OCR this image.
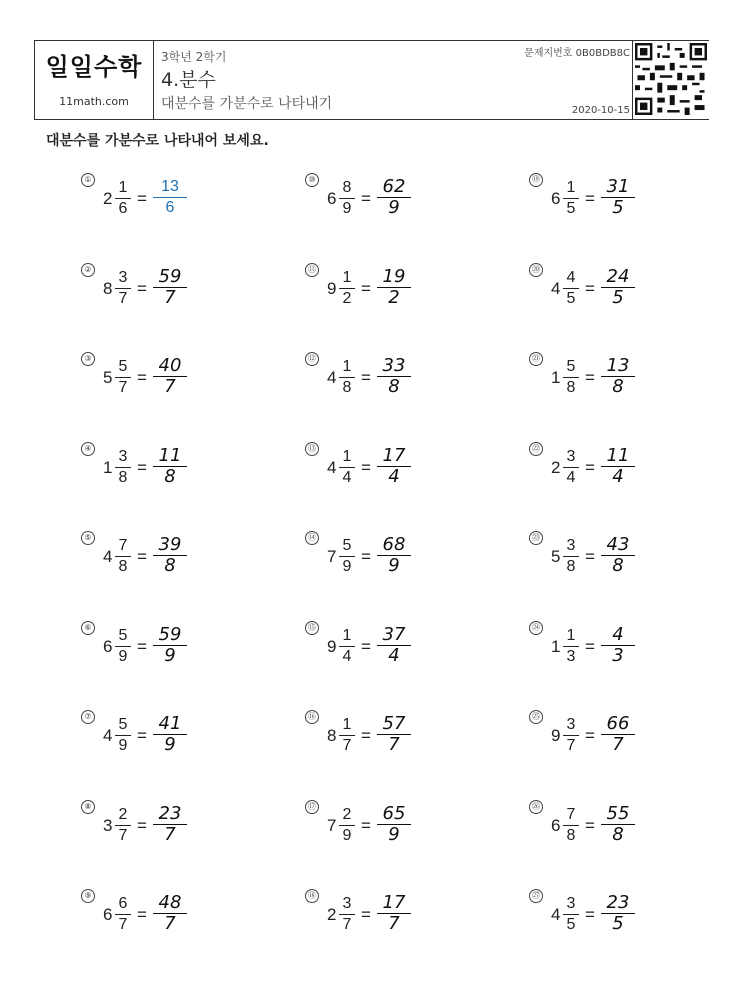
일일수학
11math.com
3학년 2학기
4.분수
대분수를 가분수로 나타내기
문제지번호 0B0BDB8C
2020-10-15
대분수를 가분수로 나타내어 보세요.
①
2
1
6
=
13
6
②
8
3
7
=
59
7
③
5
5
7
=
40
7
④
1
3
8
=
11
8
⑤
4
7
8
=
39
8
⑥
6
5
9
=
59
9
⑦
4
5
9
=
41
9
⑧
3
2
7
=
23
7
⑨
6
6
7
=
48
7
⑩
6
8
9
=
62
9
⑪
9
1
2
=
19
2
⑫
4
1
8
=
33
8
⑬
4
1
4
=
17
4
⑭
7
5
9
=
68
9
⑮
9
1
4
=
37
4
⑯
8
1
7
=
57
7
⑰
7
2
9
=
65
9
⑱
2
3
7
=
17
7
⑲
6
1
5
=
31
5
⑳
4
4
5
=
24
5
㉑
1
5
8
=
13
8
㉒
2
3
4
=
11
4
㉓
5
3
8
=
43
8
㉔
1
1
3
=
4
3
㉕
9
3
7
=
66
7
㉖
6
7
8
=
55
8
㉗
4
3
5
=
23
5
